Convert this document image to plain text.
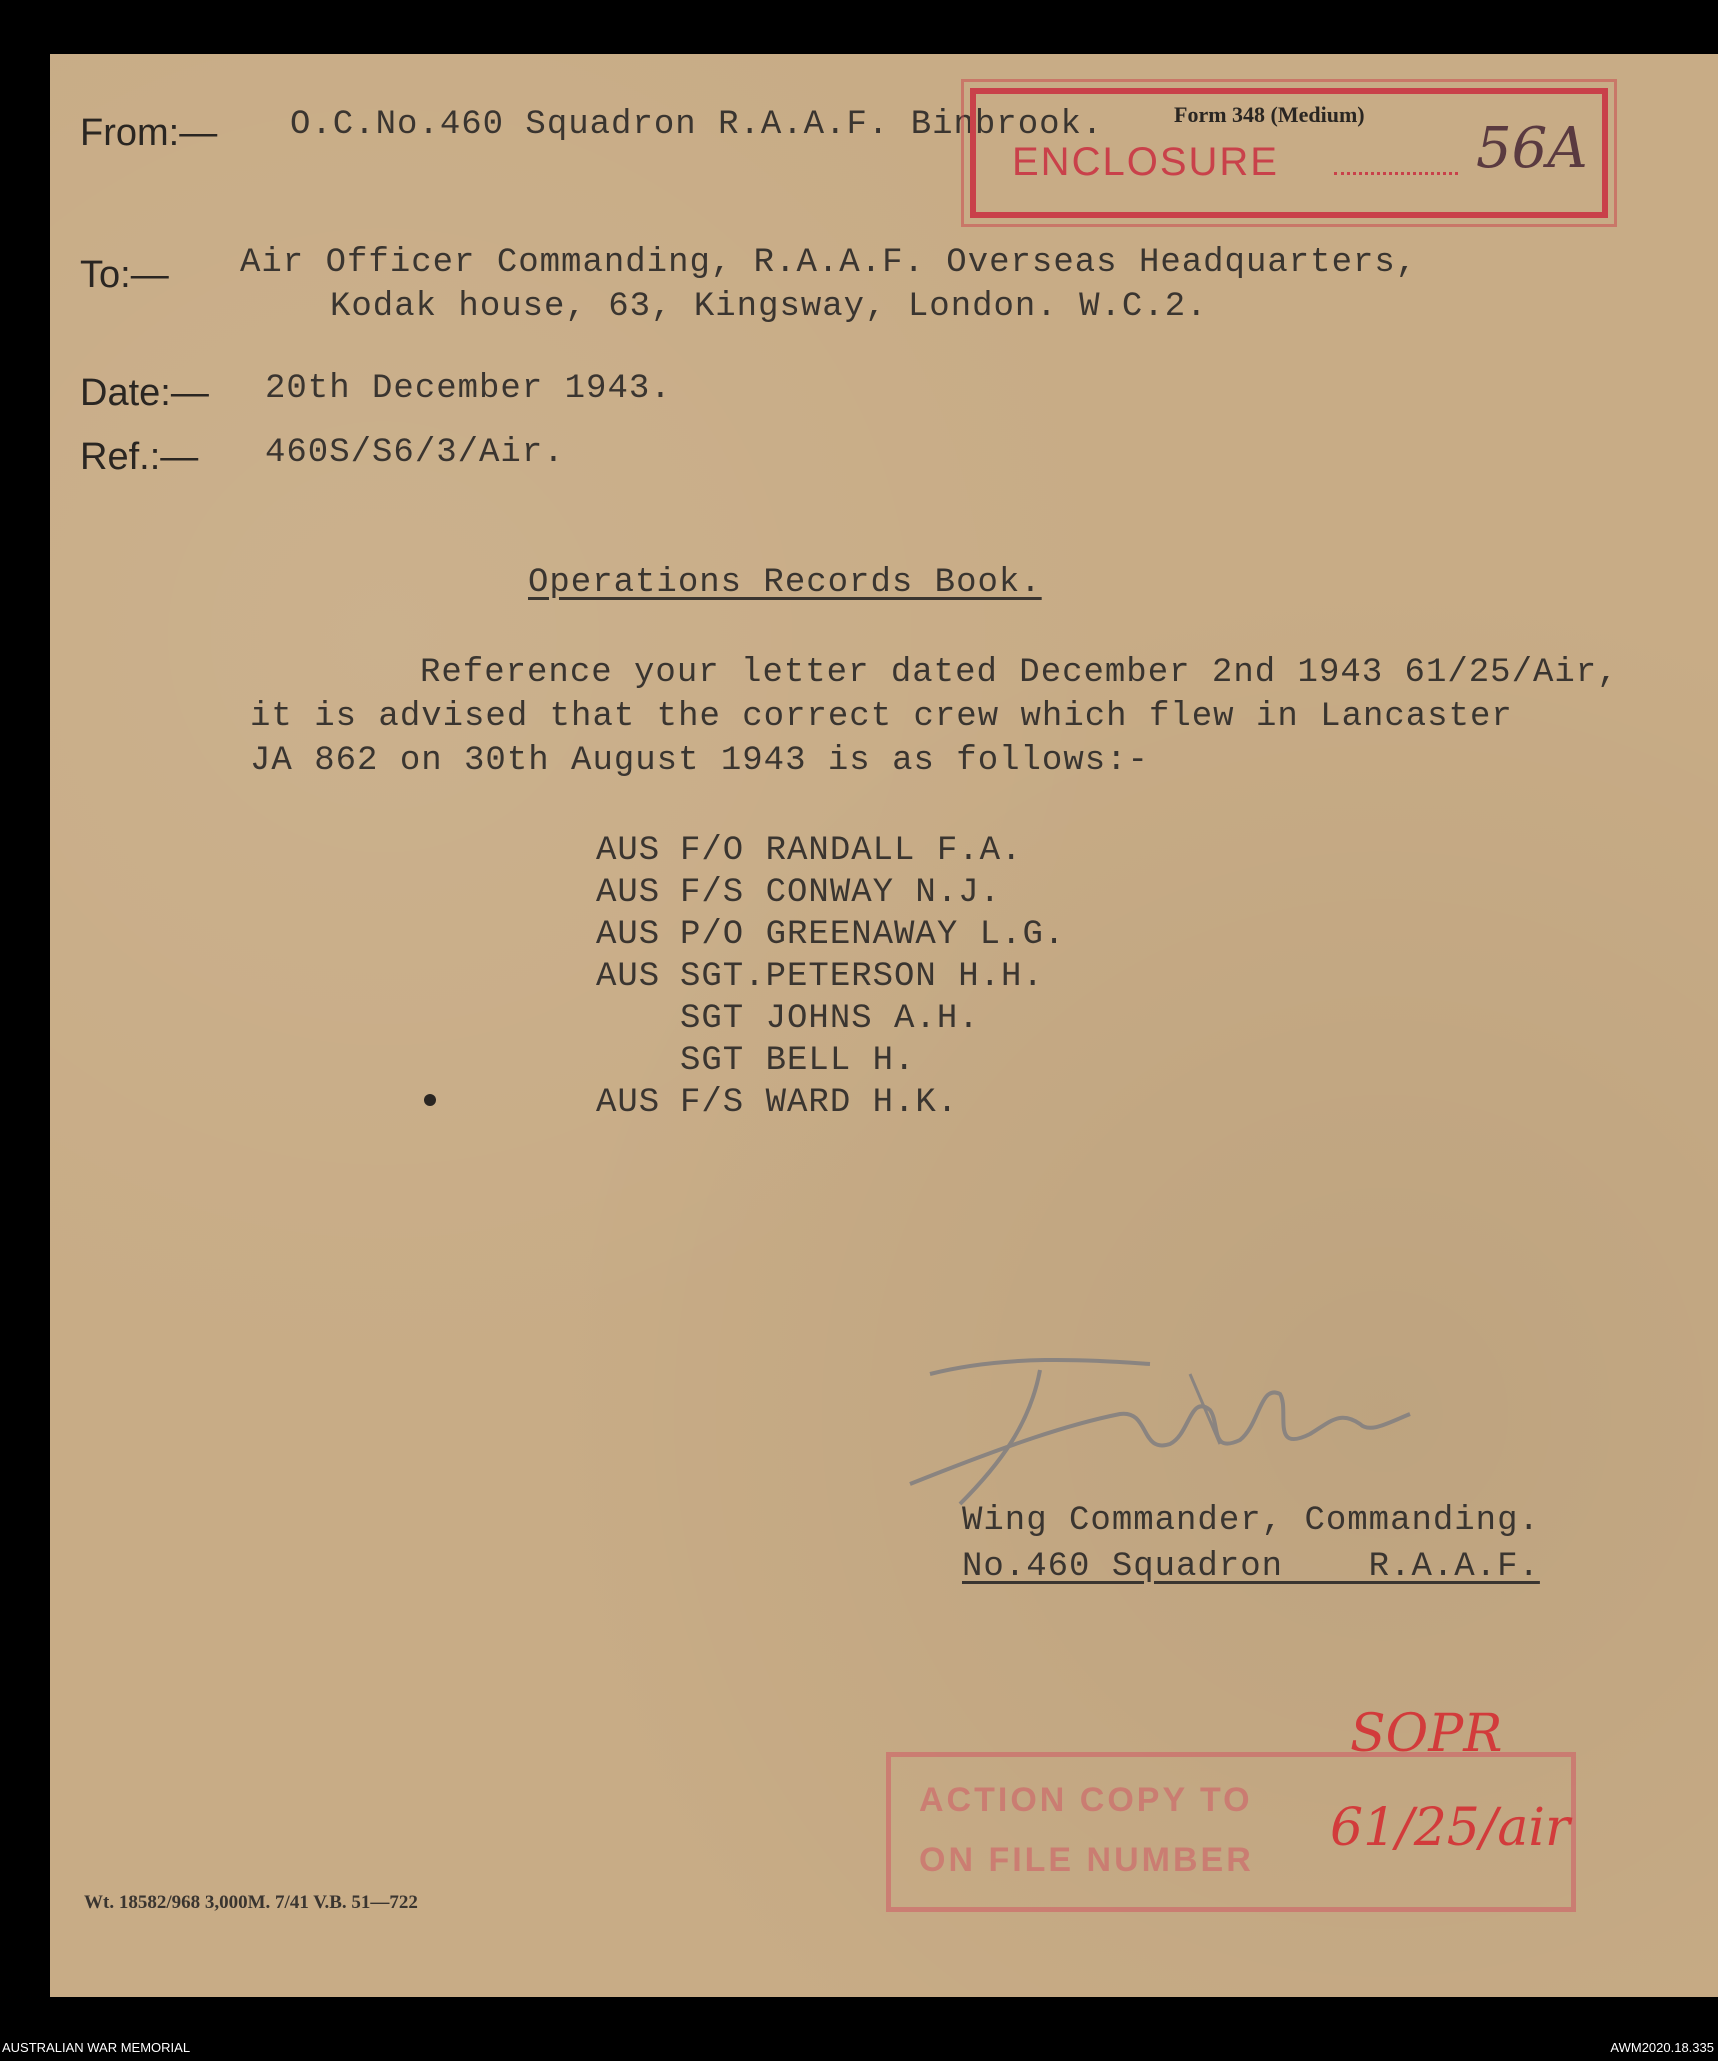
From:— O.C.No.460 Squadron R.A.A.F. Binbrook.	Form 348 (Medium)
ENCLOSURE	56A
To:— Air Officer Commanding, R.A.A.F. Overseas Headquarters,
Kodak house, 63, Kingsway, London. W.C.2.
Date:— 20th December 1943.
Ref.:— 460S/S6/3/Air.
Operations Records Book.
Reference your letter dated December 2nd 1943 61/25/Air,
it is advised that the correct crew which flew in Lancaster
JA 862 on 30th August 1943 is as follows:-
AUS F/O RANDALL F.A.
AUS F/S CONWAY N.J.
AUS P/O GREENAWAY L.G.
AUS SGT.PETERSON H.H.
SGT JOHNS A.H.
SGT BELL H.
AUS F/S WARD H.K.
Wing Commander, Commanding.
No.460 Squadron    R.A.A.F.
ACTION COPY TO
ON FILE NUMBER
SOPR
61/25/air
Wt. 18582/968 3,000M. 7/41 V.B. 51—722
AUSTRALIAN WAR MEMORIAL	AWM2020.18.335
